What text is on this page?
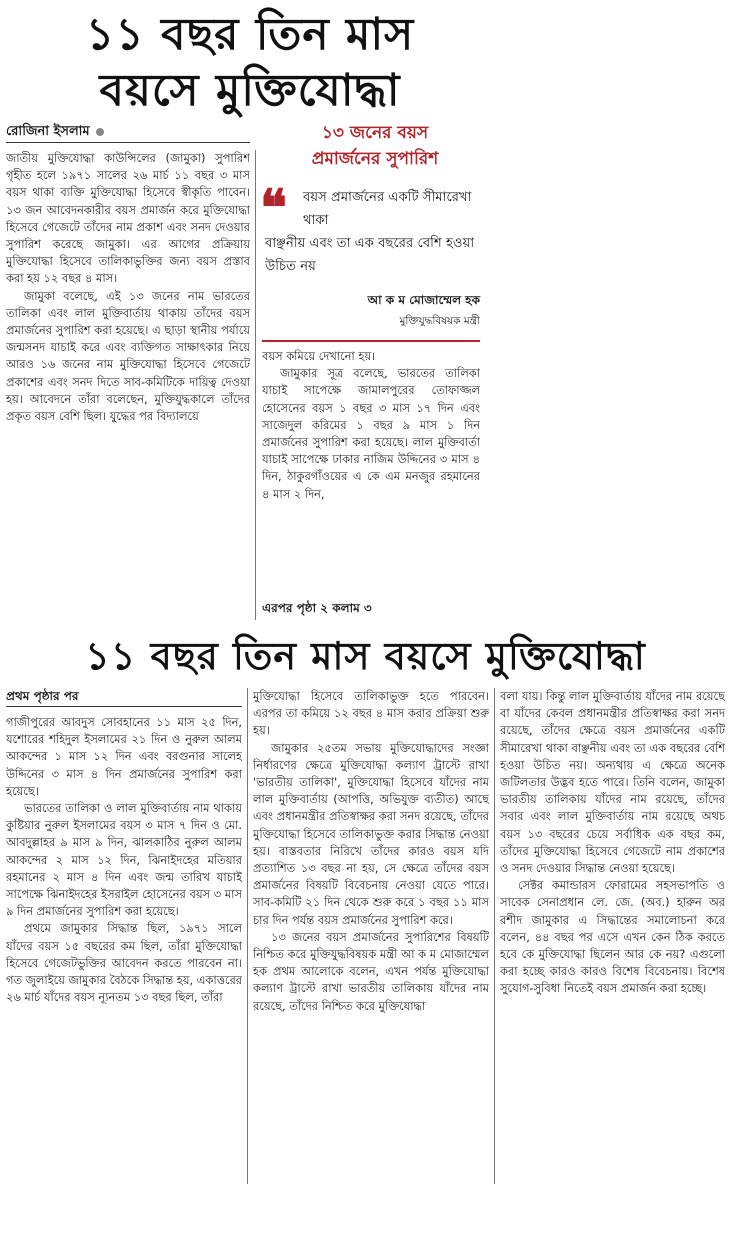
১১ বছর তিন মাস
বয়সে মুক্তিযোদ্ধা
রোজিনা ইসলাম	১৩ জনের বয়স
প্রমার্জনের সুপারিশ
❝ বয়স প্রমার্জনের একটি সীমারেখা থাকা
বাঞ্ছনীয় এবং তা এক বছরের বেশি হওয়া উচিত নয়
আ ক ম মোজাম্মেল হক
মুক্তিযুদ্ধবিষয়ক মন্ত্রী

জাতীয় মুক্তিযোদ্ধা কাউন্সিলের (জামুকা) সুপারিশ গৃহীত হলে ১৯৭১ সালের ২৬ মার্চ ১১ বছর ৩ মাস বয়স থাকা ব্যক্তি মুক্তিযোদ্ধা হিসেবে স্বীকৃতি পাবেন। ১৩ জন আবেদনকারীর বয়স প্রমার্জন করে মুক্তিযোদ্ধা হিসেবে গেজেটে তাঁদের নাম প্রকাশ এবং সনদ দেওয়ার সুপারিশ করেছে জামুকা। এর আগের প্রক্রিয়ায় মুক্তিযোদ্ধা হিসেবে তালিকাভুক্তির জন্য বয়স প্রস্তাব করা হয় ১২ বছর ৪ মাস।

জামুকা বলেছে, এই ১৩ জনের নাম ভারতের তালিকা এবং লাল মুক্তিবার্তায় থাকায় তাঁদের বয়স প্রমার্জনের সুপারিশ করা হয়েছে। এ ছাড়া স্থানীয় পর্যায়ে জন্মসনদ যাচাই করে এবং ব্যক্তিগত সাক্ষাৎকার নিয়ে আরও ১৬ জনের নাম মুক্তিযোদ্ধা হিসেবে গেজেটে প্রকাশের এবং সনদ দিতে সাব-কমিটিকে দায়িত্ব দেওয়া হয়। আবেদনে তাঁরা বলেছেন, মুক্তিযুদ্ধকালে তাঁদের প্রকৃত বয়স বেশি ছিল। যুদ্ধের পর বিদ্যালয়ে

বয়স কমিয়ে দেখানো হয়।

জামুকার সূত্র বলেছে, ভারতের তালিকা যাচাই সাপেক্ষে জামালপুরের তোফাজ্জল হোসেনের বয়স ১ বছর ৩ মাস ১৭ দিন এবং সাজেদুল করিমের ১ বছর ৯ মাস ১ দিন প্রমার্জনের সুপারিশ করা হয়েছে। লাল মুক্তিবার্তা যাচাই সাপেক্ষে ঢাকার নাজিম উদ্দিনের ৩ মাস ৪ দিন, ঠাকুরগাঁওয়ের এ কে এম মনজুর রহমানের ৪ মাস ২ দিন,

এরপর পৃষ্ঠা ২ কলাম ৩
১১ বছর তিন মাস বয়সে মুক্তিযোদ্ধা
প্রথম পৃষ্ঠার পর

গাজীপুরের আবদুস সোবহানের ১১ মাস ২৫ দিন, যশোরের শহিদুল ইসলামের ২১ দিন ও নুরুল আলম আকন্দের ১ মাস ১২ দিন এবং বরগুনার সালেহ উদ্দিনের ৩ মাস ৪ দিন প্রমার্জনের সুপারিশ করা হয়েছে।

ভারতের তালিকা ও লাল মুক্তিবার্তায় নাম থাকায় কুষ্টিয়ার নুরুল ইসলামের বয়স ৩ মাস ৭ দিন ও মো. আবদুল্লাহর ৯ মাস ৯ দিন, ঝালকাঠির নুরুল আলম আকন্দের ২ মাস ১২ দিন, ঝিনাইদহের মতিয়ার রহমানের ২ মাস ৪ দিন এবং জন্ম তারিখ যাচাই সাপেক্ষে ঝিনাইদহের ইসরাইল হোসেনের বয়স ৩ মাস ৯ দিন প্রমার্জনের সুপারিশ করা হয়েছে।

প্রথমে জামুকার সিদ্ধান্ত ছিল, ১৯৭১ সালে যাঁদের বয়স ১৫ বছরের কম ছিল, তাঁরা মুক্তিযোদ্ধা হিসেবে গেজেটভুক্তির আবেদন করতে পারবেন না। গত জুলাইয়ে জামুকার বৈঠকে সিদ্ধান্ত হয়, একাত্তরের ২৬ মার্চ যাঁদের বয়স ন্যূনতম ১৩ বছর ছিল, তাঁরা

মুক্তিযোদ্ধা হিসেবে তালিকাভুক্ত হতে পারবেন। এরপর তা কমিয়ে ১২ বছর ৪ মাস করার প্রক্রিয়া শুরু হয়।

জামুকার ২৫তম সভায় মুক্তিযোদ্ধাদের সংজ্ঞা নির্ধারণের ক্ষেত্রে মুক্তিযোদ্ধা কল্যাণ ট্রাস্টে রাখা 'ভারতীয় তালিকা', মুক্তিযোদ্ধা হিসেবে যাঁদের নাম লাল মুক্তিবার্তায় (আপত্তি, অভিযুক্ত ব্যতীত) আছে এবং প্রধানমন্ত্রীর প্রতিস্বাক্ষর করা সনদ রয়েছে, তাঁদের মুক্তিযোদ্ধা হিসেবে তালিকাভুক্ত করার সিদ্ধান্ত নেওয়া হয়। বাস্তবতার নিরিখে তাঁদের কারও বয়স যদি প্রত্যাশিত ১৩ বছর না হয়, সে ক্ষেত্রে তাঁদের বয়স প্রমার্জনের বিষয়টি বিবেচনায় নেওয়া যেতে পারে। সাব-কমিটি ২১ দিন থেকে শুরু করে ১ বছর ১১ মাস চার দিন পর্যন্ত বয়স প্রমার্জনের সুপারিশ করে।

১৩ জনের বয়স প্রমার্জনের সুপারিশের বিষয়টি নিশ্চিত করে মুক্তিযুদ্ধবিষয়ক মন্ত্রী আ ক ম মোজাম্মেল হক প্রথম আলোকে বলেন, এখন পর্যন্ত মুক্তিযোদ্ধা কল্যাণ ট্রাস্টে রাখা ভারতীয় তালিকায় যাঁদের নাম রয়েছে, তাঁদের নিশ্চিত করে মুক্তিযোদ্ধা

বলা যায়। কিন্তু লাল মুক্তিবার্তায় যাঁদের নাম রয়েছে বা যাঁদের কেবল প্রধানমন্ত্রীর প্রতিস্বাক্ষর করা সনদ রয়েছে, তাঁদের ক্ষেত্রে বয়স প্রমার্জনের একটি সীমারেখা থাকা বাঞ্ছনীয় এবং তা এক বছরের বেশি হওয়া উচিত নয়। অন্যথায় এ ক্ষেত্রে অনেক জটিলতার উদ্ভব হতে পারে। তিনি বলেন, জামুকা ভারতীয় তালিকায় যাঁদের নাম রয়েছে, তাঁদের সবার এবং লাল মুক্তিবার্তায় নাম রয়েছে অথচ বয়স ১৩ বছরের চেয়ে সর্বাধিক এক বছর কম, তাঁদের মুক্তিযোদ্ধা হিসেবে গেজেটে নাম প্রকাশের ও সনদ দেওয়ার সিদ্ধান্ত নেওয়া হয়েছে।

সেক্টর কমান্ডারস ফোরামের সহসভাপতি ও সাবেক সেনাপ্রধান লে. জে. (অব.) হারুন অর রশীদ জামুকার এ সিদ্ধান্তের সমালোচনা করে বলেন, ৪৪ বছর পর এসে এখন কেন ঠিক করতে হবে কে মুক্তিযোদ্ধা ছিলেন আর কে নয়? এগুলো করা হচ্ছে কারও কারও বিশেষ বিবেচনায়। বিশেষ সুযোগ-সুবিধা নিতেই বয়স প্রমার্জন করা হচ্ছে।
